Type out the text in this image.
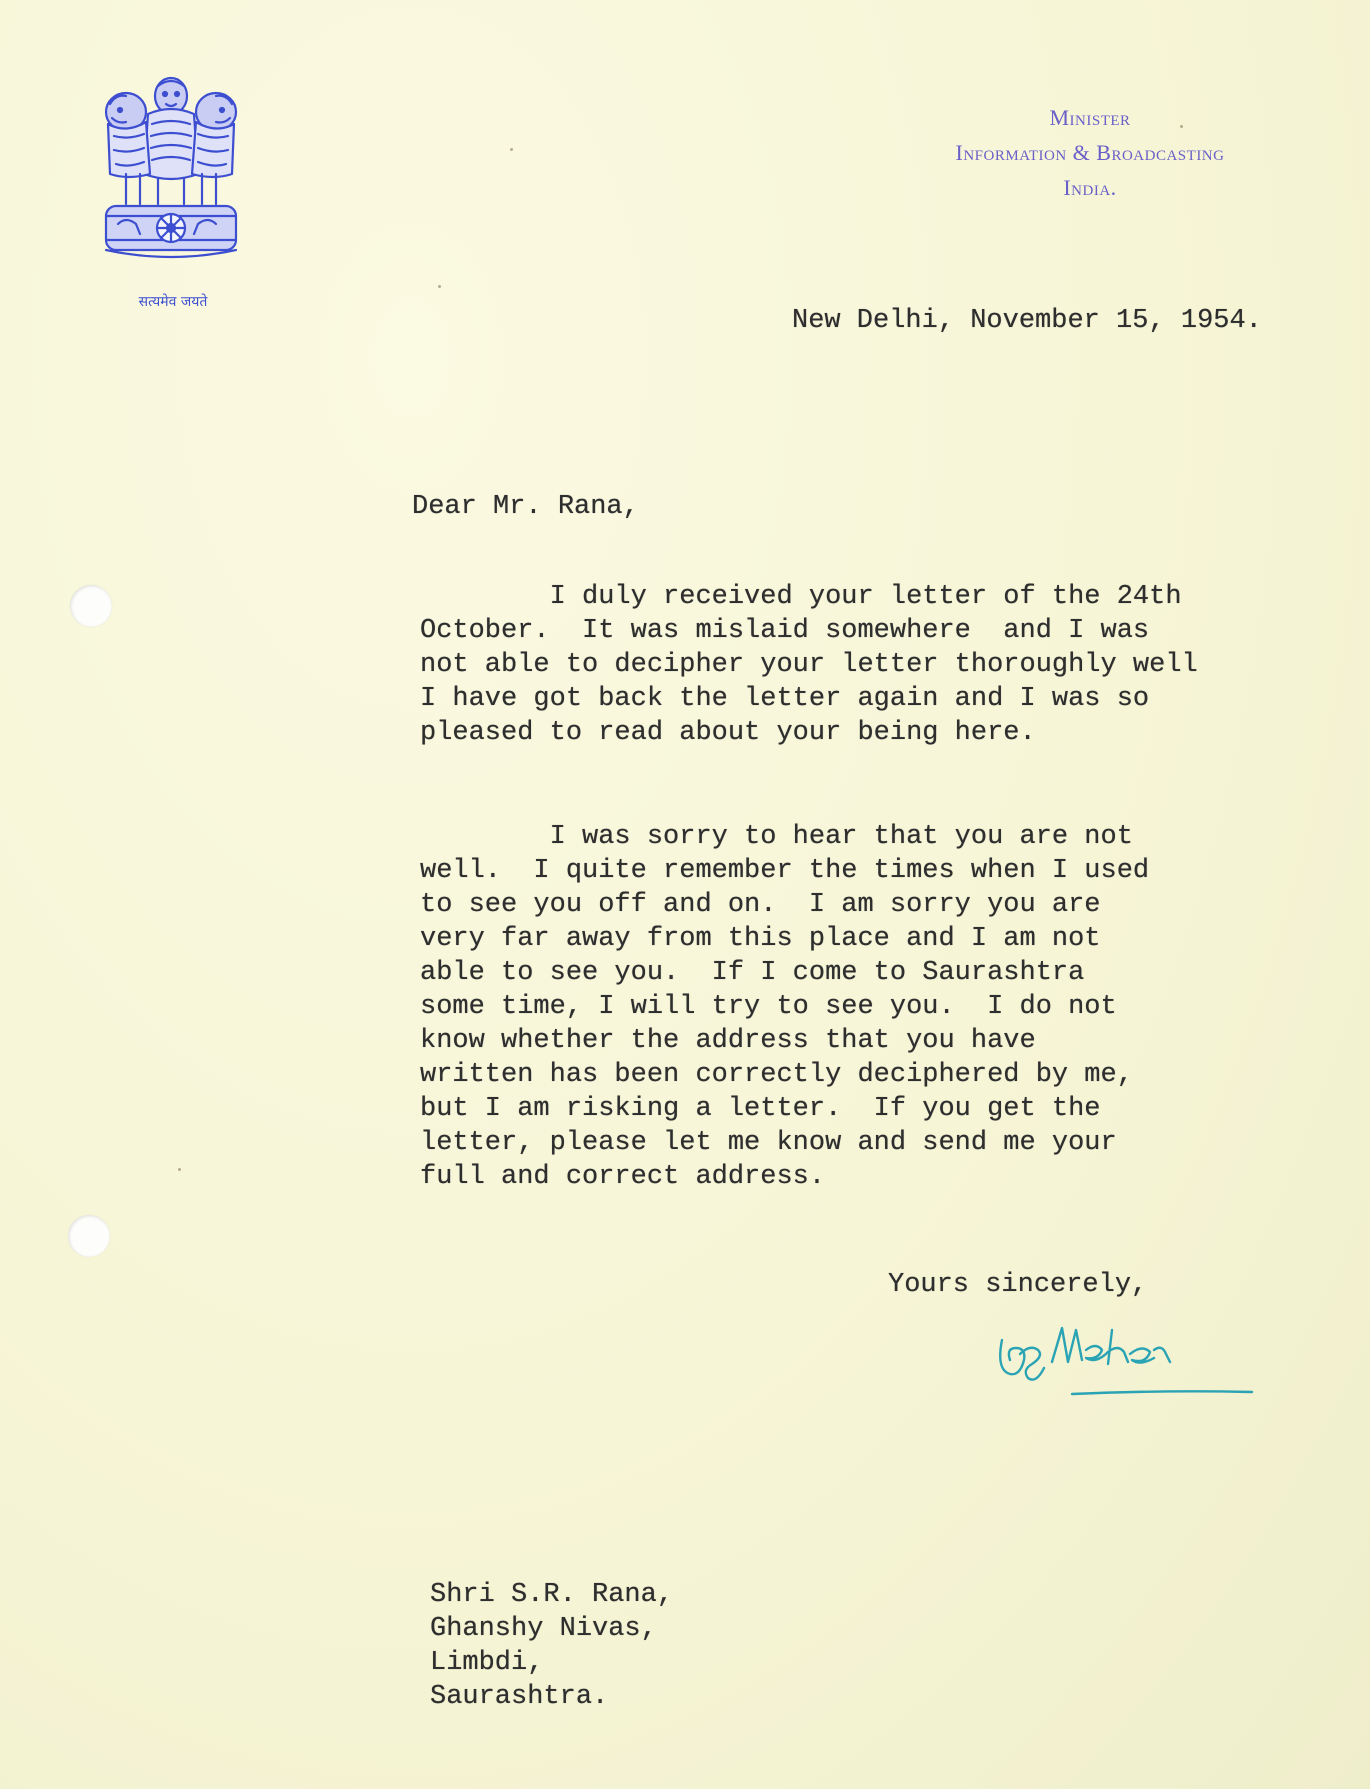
सत्यमेव जयते
Minister
Information & Broadcasting
India.
New Delhi, November 15, 1954.
Dear Mr. Rana,
I duly received your letter of the 24th
October.  It was mislaid somewhere  and I was
not able to decipher your letter thoroughly well
I have got back the letter again and I was so
pleased to read about your being here.
I was sorry to hear that you are not
well.  I quite remember the times when I used
to see you off and on.  I am sorry you are
very far away from this place and I am not
able to see you.  If I come to Saurashtra
some time, I will try to see you.  I do not
know whether the address that you have
written has been correctly deciphered by me,
but I am risking a letter.  If you get the
letter, please let me know and send me your
full and correct address.
Yours sincerely,
Shri S.R. Rana,
Ghanshy Nivas,
Limbdi,
Saurashtra.
